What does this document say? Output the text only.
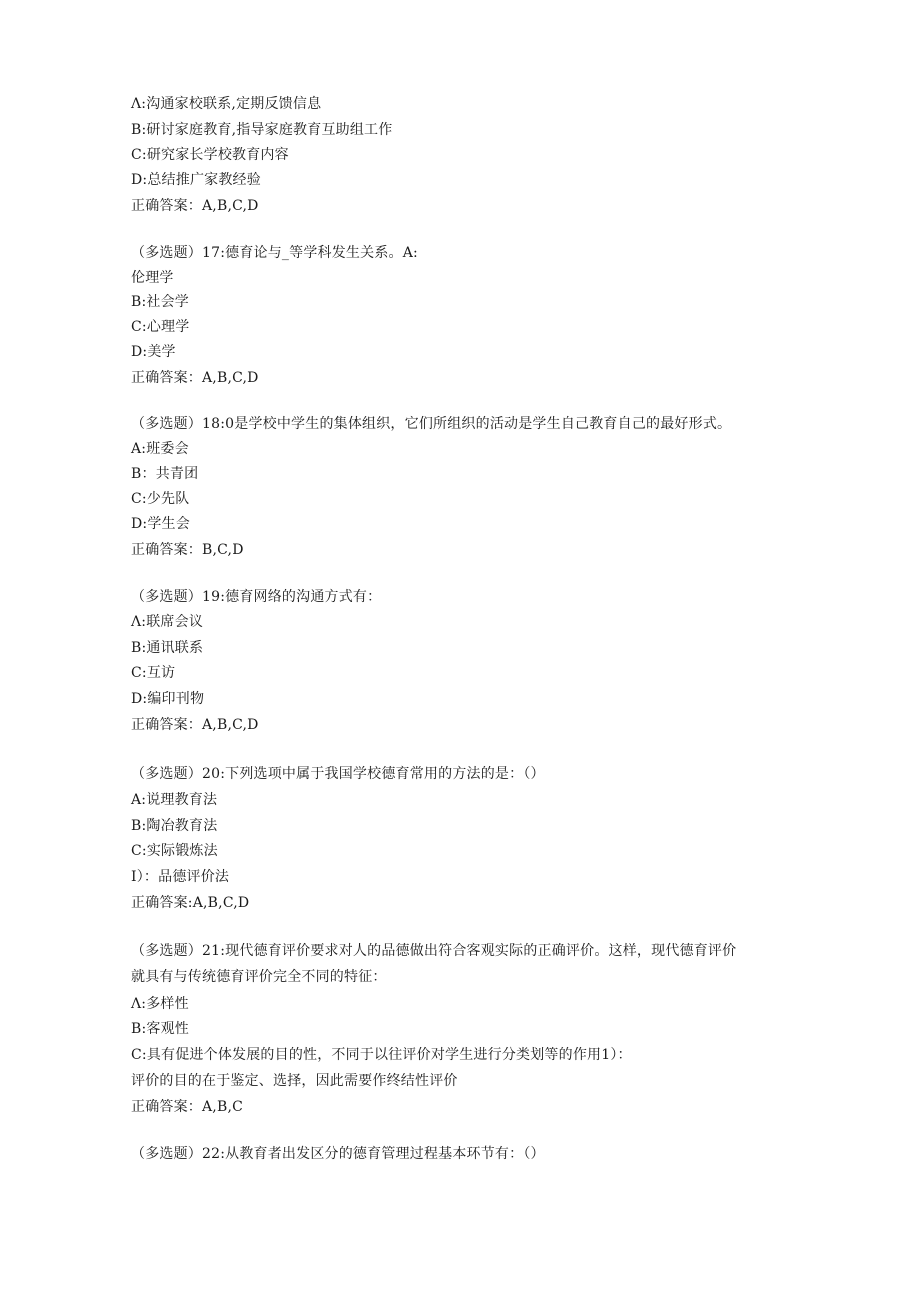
Λ:沟通家校联系,定期反馈信息
B:研讨家庭教育,指导家庭教育互助组工作
C:研究家长学校教育内容
D:总结推广家教经验
正确答案：A,B,C,D
（多选题）17:德育论与_等学科发生关系。A:
伦理学
B:社会学
C:心理学
D:美学
正确答案：A,B,C,D
（多选题）18:0是学校中学生的集体组织，它们所组织的活动是学生自己教育自己的最好形式。
A:班委会
B：共青团
C:少先队
D:学生会
正确答案：B,C,D
（多选题）19:德育网络的沟通方式有：
Λ:联席会议
B:通讯联系
C:互访
D:编印刊物
正确答案：A,B,C,D
（多选题）20:下列选项中属于我国学校德育常用的方法的是：（）
A:说理教育法
B:陶冶教育法
C:实际锻炼法
I）：品德评价法
正确答案:A,B,C,D
（多选题）21:现代德育评价要求对人的品德做出符合客观实际的正确评价。这样，现代德育评价
就具有与传统德育评价完全不同的特征：
Λ:多样性
B:客观性
C:具有促进个体发展的目的性，不同于以往评价对学生进行分类划等的作用1）：
评价的目的在于鉴定、选择，因此需要作终结性评价
正确答案：A,B,C
（多选题）22:从教育者出发区分的德育管理过程基本环节有：（）
